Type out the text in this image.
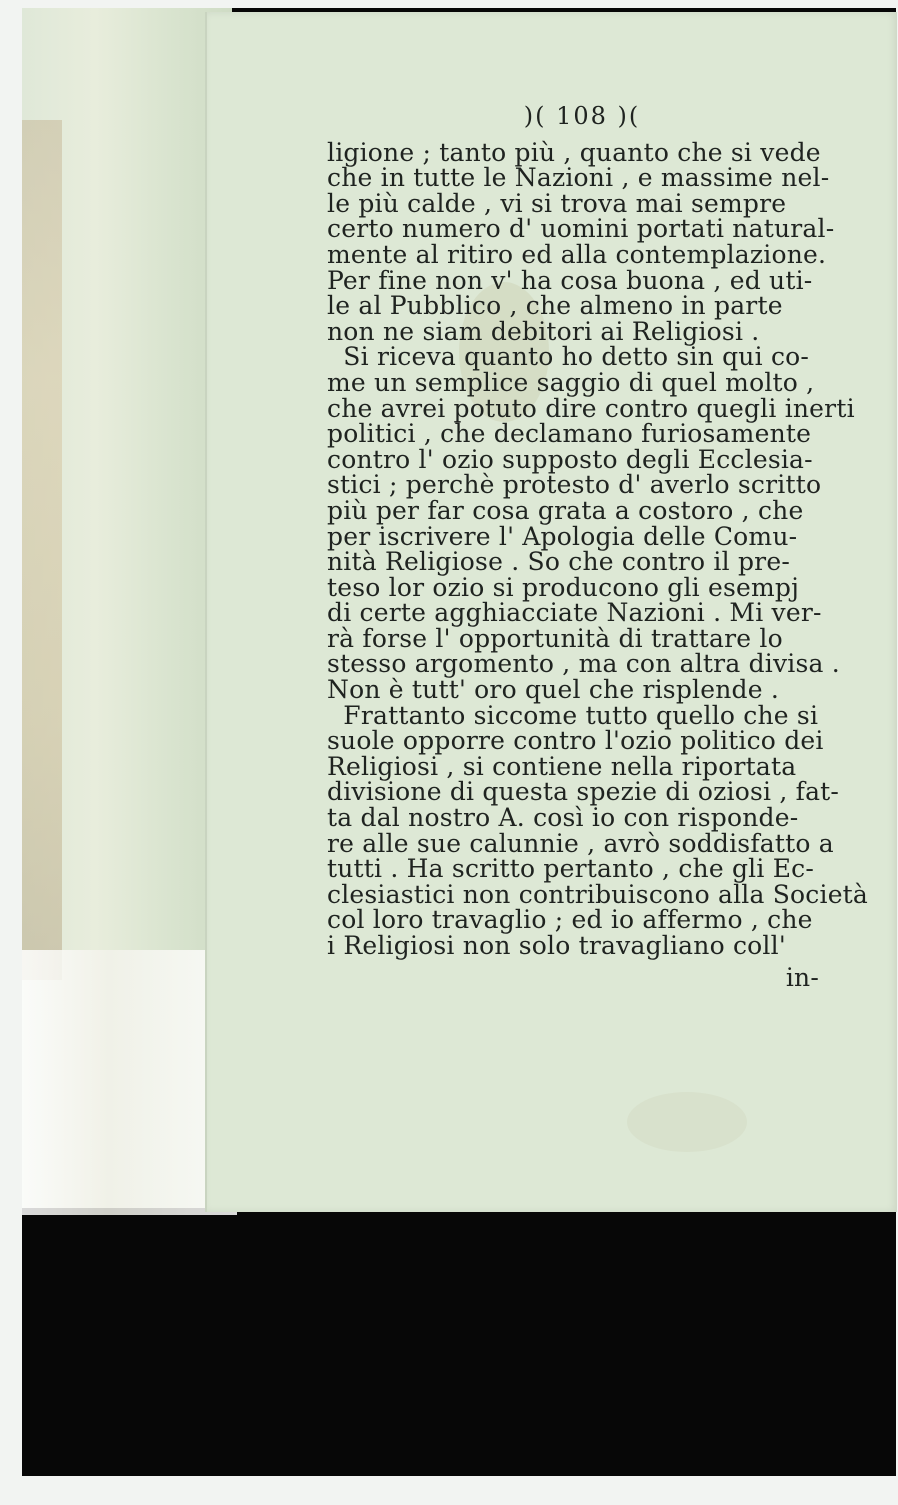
)( 108 )(
ligione ; tanto più , quanto che si vede
che in tutte le Nazioni , e massime nel-
le più calde , vi si trova mai sempre
certo numero d' uomini portati natural-
mente al ritiro ed alla contemplazione.
Per fine non v' ha cosa buona , ed uti-
le al Pubblico , che almeno in parte
non ne siam debitori ai Religiosi .
Si riceva quanto ho detto sin qui co-
me un semplice saggio di quel molto ,
che avrei potuto dire contro quegli inerti
politici , che declamano furiosamente
contro l' ozio supposto degli Ecclesia-
stici ; perchè protesto d' averlo scritto
più per far cosa grata a costoro , che
per iscrivere l' Apologia delle Comu-
nità Religiose . So che contro il pre-
teso lor ozio si producono gli esempj
di certe agghiacciate Nazioni . Mi ver-
rà forse l' opportunità di trattare lo
stesso argomento , ma con altra divisa .
Non è tutt' oro quel che risplende .
Frattanto siccome tutto quello che si
suole opporre contro l'ozio politico dei
Religiosi , si contiene nella riportata
divisione di questa spezie di oziosi , fat-
ta dal nostro A. così io con risponde-
re alle sue calunnie , avrò soddisfatto a
tutti . Ha scritto pertanto , che gli Ec-
clesiastici non contribuiscono alla Società
col loro travaglio ; ed io affermo , che
i Religiosi non solo travagliano coll'
in-
